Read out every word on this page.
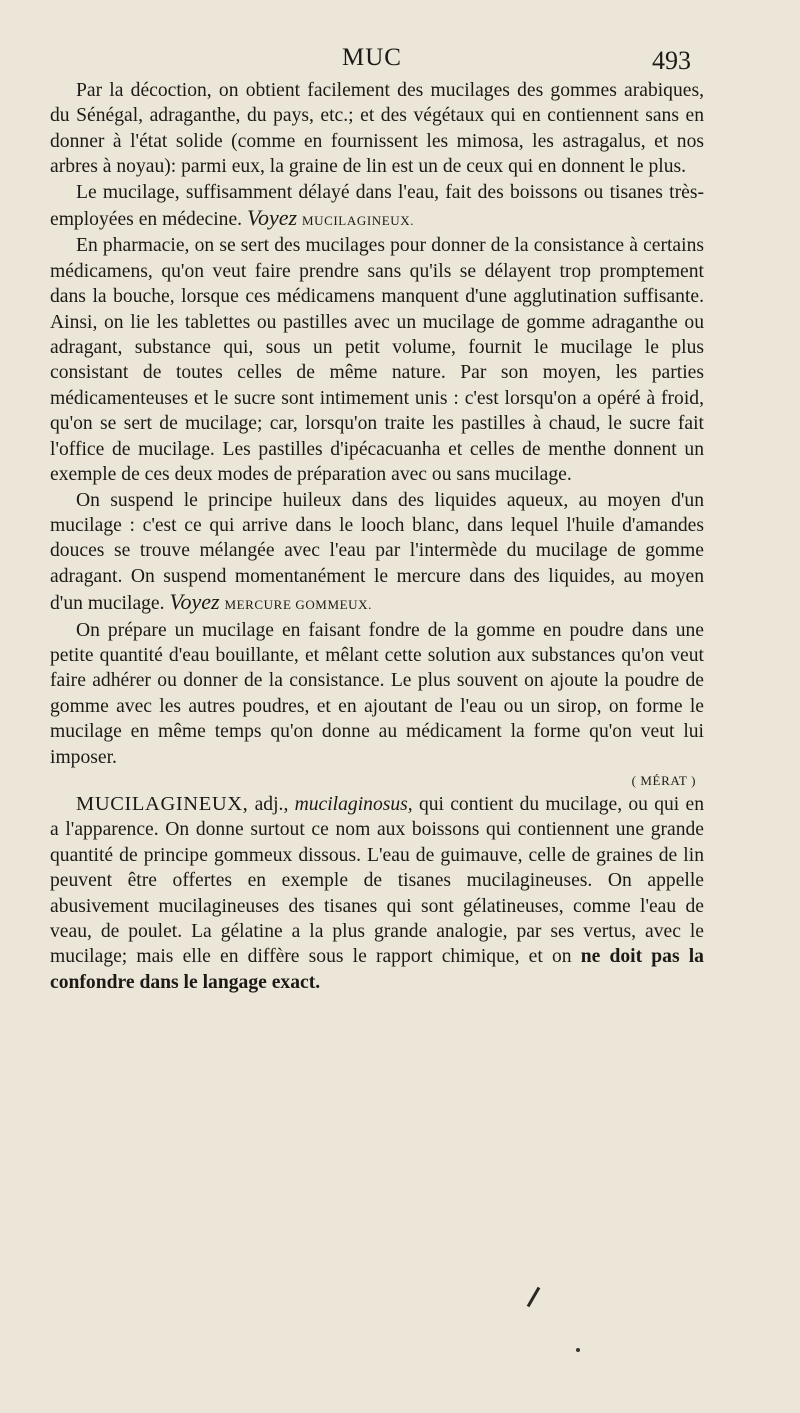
MUC	493

Par la décoction, on obtient facilement des mucilages des gommes arabiques, du Sénégal, adraganthe, du pays, etc.; et des végétaux qui en contiennent sans en donner à l'état solide (comme en fournissent les mimosa, les astragalus, et nos arbres à noyau): parmi eux, la graine de lin est un de ceux qui en donnent le plus.

Le mucilage, suffisamment délayé dans l'eau, fait des boissons ou tisanes très-employées en médecine. Voyez MUCILAGINEUX.

En pharmacie, on se sert des mucilages pour donner de la consistance à certains médicamens, qu'on veut faire prendre sans qu'ils se délayent trop promptement dans la bouche, lorsque ces médicamens manquent d'une agglutination suffisante. Ainsi, on lie les tablettes ou pastilles avec un mucilage de gomme adraganthe ou adragant, substance qui, sous un petit volume, fournit le mucilage le plus consistant de toutes celles de même nature. Par son moyen, les parties médicamenteuses et le sucre sont intimement unis : c'est lorsqu'on a opéré à froid, qu'on se sert de mucilage; car, lorsqu'on traite les pastilles à chaud, le sucre fait l'office de mucilage. Les pastilles d'ipécacuanha et celles de menthe donnent un exemple de ces deux modes de préparation avec ou sans mucilage.

On suspend le principe huileux dans des liquides aqueux, au moyen d'un mucilage : c'est ce qui arrive dans le looch blanc, dans lequel l'huile d'amandes douces se trouve mélangée avec l'eau par l'intermède du mucilage de gomme adragant. On suspend momentanément le mercure dans des liquides, au moyen d'un mucilage. Voyez MERCURE GOMMEUX.

On prépare un mucilage en faisant fondre de la gomme en poudre dans une petite quantité d'eau bouillante, et mêlant cette solution aux substances qu'on veut faire adhérer ou donner de la consistance. Le plus souvent on ajoute la poudre de gomme avec les autres poudres, et en ajoutant de l'eau ou un sirop, on forme le mucilage en même temps qu'on donne au médicament la forme qu'on veut lui imposer.

( MÉRAT )

MUCILAGINEUX, adj., mucilaginosus, qui contient du mucilage, ou qui en a l'apparence. On donne surtout ce nom aux boissons qui contiennent une grande quantité de principe gommeux dissous. L'eau de guimauve, celle de graines de lin peuvent être offertes en exemple de tisanes mucilagineuses. On appelle abusivement mucilagineuses des tisanes qui sont gélatineuses, comme l'eau de veau, de poulet. La gélatine a la plus grande analogie, par ses vertus, avec le mucilage; mais elle en diffère sous le rapport chimique, et on ne doit pas la confondre dans le langage exact.
